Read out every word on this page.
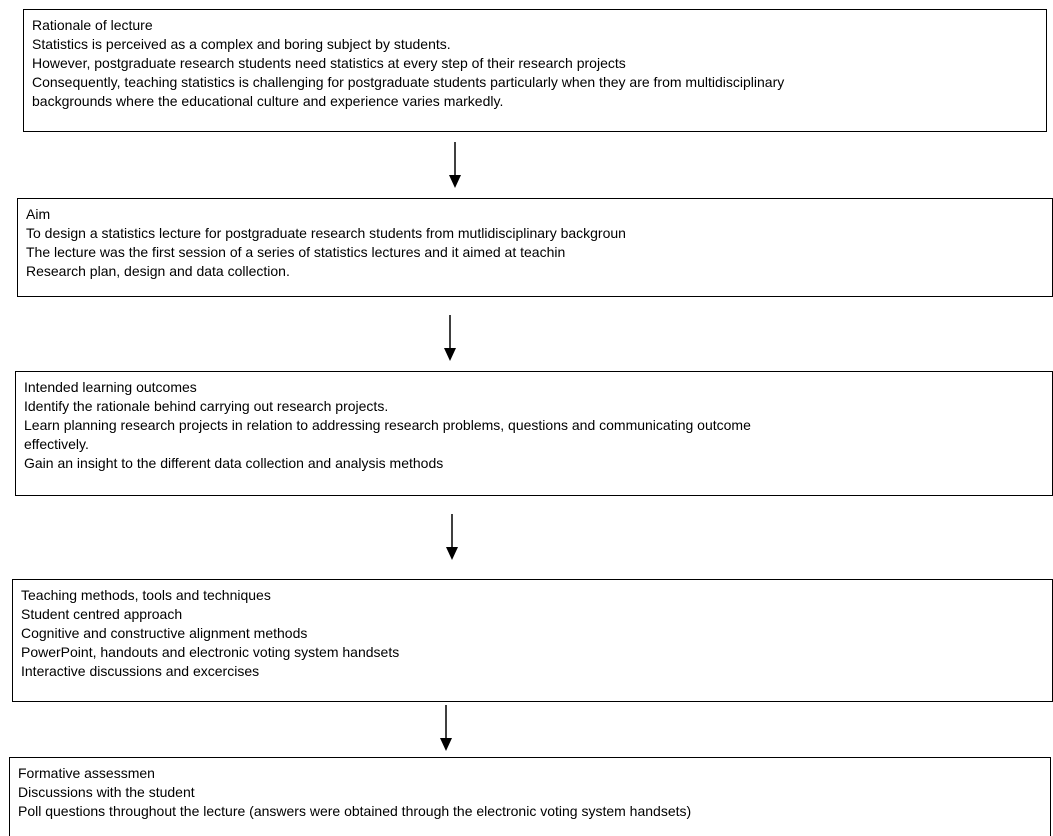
Rationale of lecture
Statistics is perceived as a complex and boring subject by students.
However, postgraduate research students need statistics at every step of their research projects
Consequently, teaching statistics is challenging for postgraduate students particularly when they are from multidisciplinary
backgrounds where the educational culture and experience varies markedly.
Aim
To design a statistics lecture for postgraduate research students from mutlidisciplinary backgroun
The lecture was the first session of a series of statistics lectures and it aimed at teachin
Research plan, design and data collection.
Intended learning outcomes
Identify the rationale behind carrying out research projects.
Learn planning research projects in relation to addressing research problems, questions and communicating outcome
effectively.
Gain an insight to the different data collection and analysis methods
Teaching methods, tools and techniques
Student centred approach
Cognitive and constructive alignment methods
PowerPoint, handouts and electronic voting system handsets
Interactive discussions and excercises
Formative assessmen
Discussions with the student
Poll questions throughout the lecture (answers were obtained through the electronic voting system handsets)
